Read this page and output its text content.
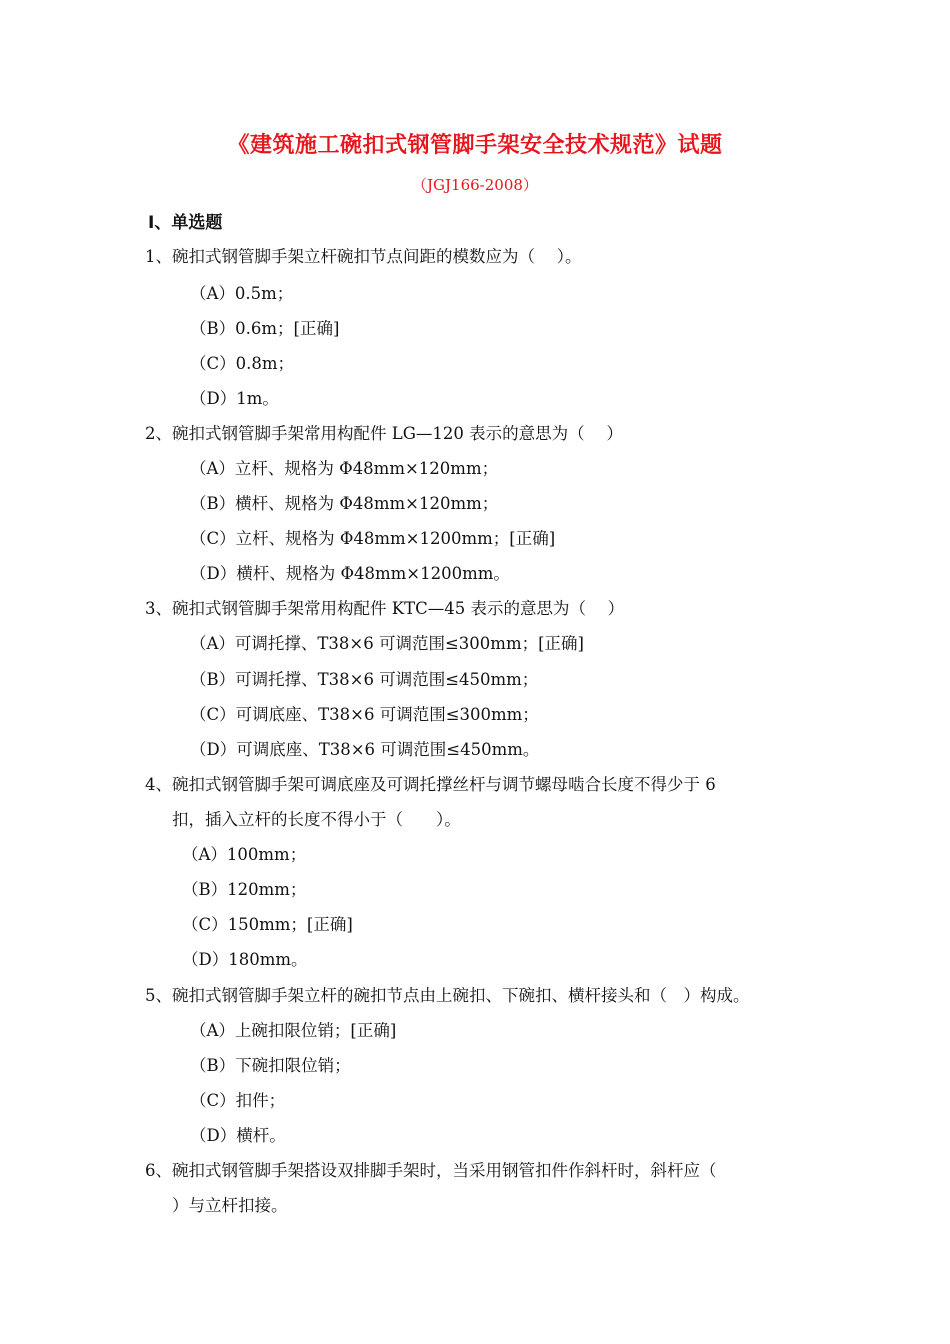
《建筑施工碗扣式钢管脚手架安全技术规范》试题
（JGJ166-2008）
Ⅰ、单选题
1、碗扣式钢管脚手架立杆碗扣节点间距的模数应为（　 ）。
（A）0.5m；
（B）0.6m；[正确]
（C）0.8m；
（D）1m。
2、碗扣式钢管脚手架常用构配件 LG—120 表示的意思为（　 ）
（A）立杆、规格为 Φ48mm×120mm；
（B）横杆、规格为 Φ48mm×120mm；
（C）立杆、规格为 Φ48mm×1200mm；[正确]
（D）横杆、规格为 Φ48mm×1200mm。
3、碗扣式钢管脚手架常用构配件 KTC—45 表示的意思为（　 ）
（A）可调托撑、T38×6 可调范围≤300mm；[正确]
（B）可调托撑、T38×6 可调范围≤450mm；
（C）可调底座、T38×6 可调范围≤300mm；
（D）可调底座、T38×6 可调范围≤450mm。
4、碗扣式钢管脚手架可调底座及可调托撑丝杆与调节螺母啮合长度不得少于 6
扣，插入立杆的长度不得小于（　　）。
（A）100mm；
（B）120mm；
（C）150mm；[正确]
（D）180mm。
5、碗扣式钢管脚手架立杆的碗扣节点由上碗扣、下碗扣、横杆接头和（　）构成。
（A）上碗扣限位销；[正确]
（B）下碗扣限位销；
（C）扣件；
（D）横杆。
6、碗扣式钢管脚手架搭设双排脚手架时，当采用钢管扣件作斜杆时，斜杆应（
）与立杆扣接。
